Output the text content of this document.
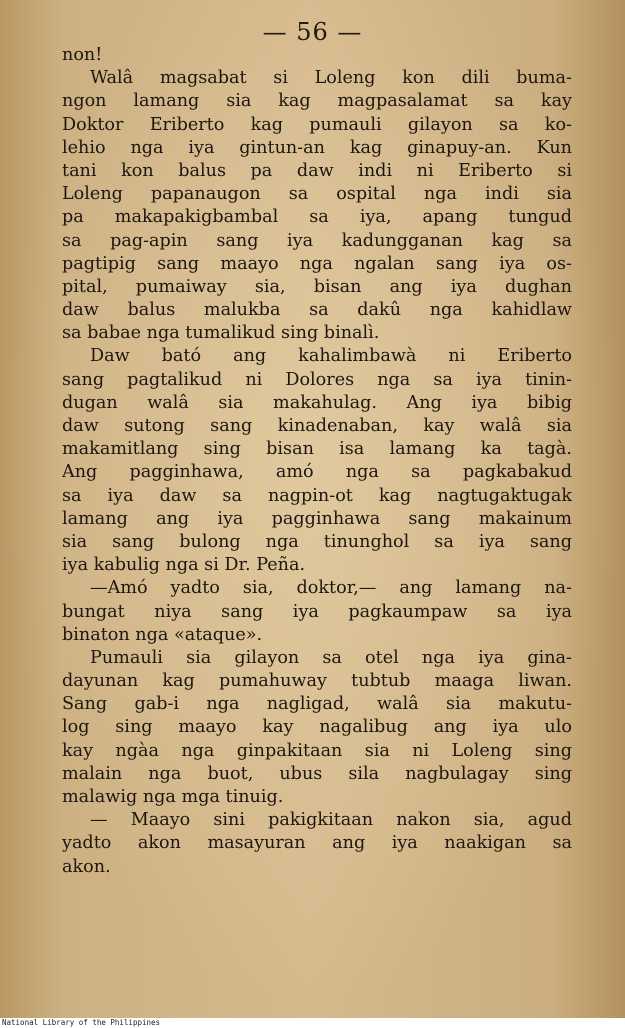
— 56 —
non!
Walâ magsabat si Loleng kon dili buma-
ngon lamang sia kag magpasalamat sa kay
Doktor Eriberto kag pumauli gilayon sa ko-
lehio nga iya gintun-an kag ginapuy-an. Kun
tani kon balus pa daw indi ni Eriberto si
Loleng papanaugon sa ospital nga indi sia
pa makapakigbambal sa iya, apang tungud
sa pag-apin sang iya kadungganan kag sa
pagtipig sang maayo nga ngalan sang iya os-
pital, pumaiway sia, bisan ang iya dughan
daw balus malukba sa dakû nga kahidlaw
sa babae nga tumalikud sing binalì.
Daw bató ang kahalimbawà ni Eriberto
sang pagtalikud ni Dolores nga sa iya tinin-
dugan walâ sia makahulag. Ang iya bibig
daw sutong sang kinadenaban, kay walâ sia
makamitlang sing bisan isa lamang ka tagà.
Ang pagginhawa, amó nga sa pagkabakud
sa iya daw sa nagpin-ot kag nagtugaktugak
lamang ang iya pagginhawa sang makainum
sia sang bulong nga tinunghol sa iya sang
iya kabulig nga si Dr. Peña.
—Amó yadto sia, doktor,— ang lamang na-
bungat niya sang iya pagkaumpaw sa iya
binaton nga «ataque».
Pumauli sia gilayon sa otel nga iya gina-
dayunan kag pumahuway tubtub maaga liwan.
Sang gab-i nga nagligad, walâ sia makutu-
log sing maayo kay nagalibug ang iya ulo
kay ngàa nga ginpakitaan sia ni Loleng sing
malain nga buot, ubus sila nagbulagay sing
malawig nga mga tinuig.
— Maayo sini pakigkitaan nakon sia, agud
yadto akon masayuran ang iya naakigan sa
akon.
National Library of the Philippines
